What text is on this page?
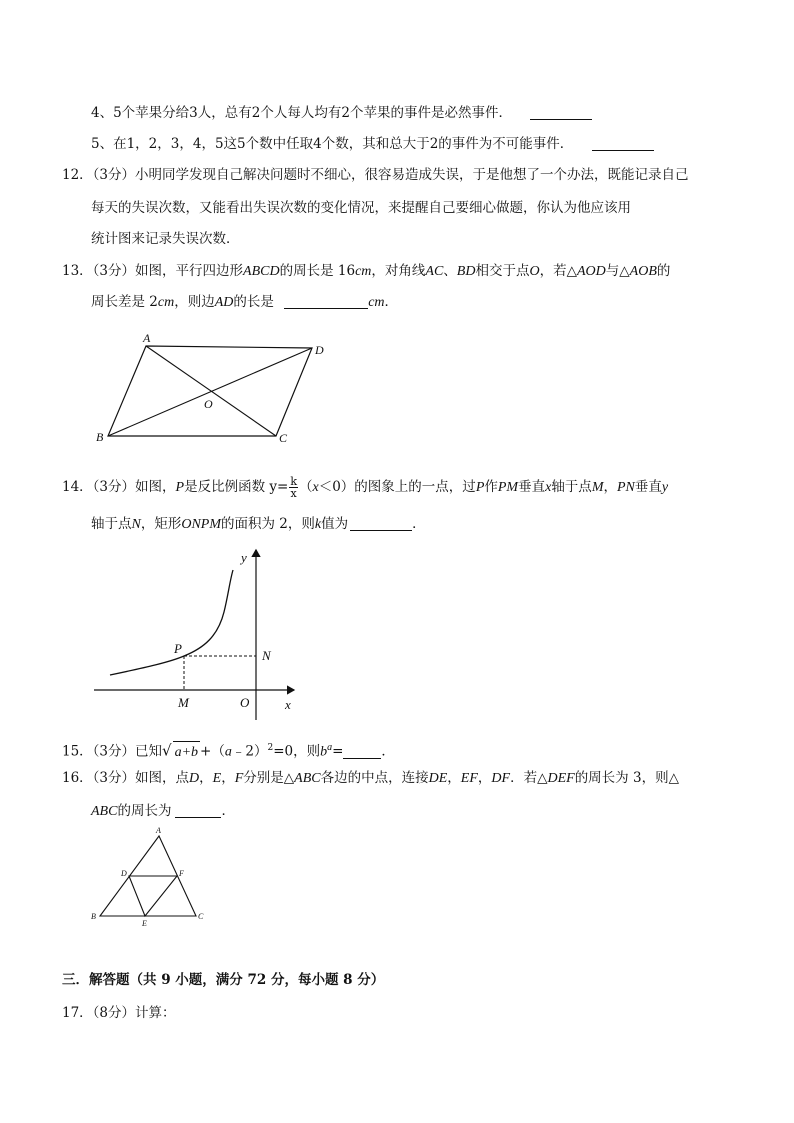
4、5个苹果分给3人，总有2个人每人均有2个苹果的事件是必然事件．
5、在1，2，3，4，5这5个数中任取4个数，其和总大于2的事件为不可能事件．
12．（3分）小明同学发现自己解决问题时不细心，很容易造成失误，于是他想了一个办法，既能记录自己
每天的失误次数，又能看出失误次数的变化情况，来提醒自己要细心做题，你认为他应该用
统计图来记录失误次数．
13．（3分）如图，平行四边形ABCD的周长是 16cm，对角线AC、BD相交于点O，若△AOD与△AOB的
周长差是 2cm，则边AD的长是	cm．
A
D
O
B	C
14．（3分）如图，P是反比例函数 $y= \frac{k}{x} (x<0)$的图象上的一点，过P作PM垂直x轴于点M，PN垂直y
轴于点N，矩形ONPM的面积为 2，则k值为	．
y
x
P	N
M	O
15．（3分）已知√ a+b +（a﹣2）$^2$=0，则$b^a=$	．
16．（3分）如图，点D，E，F分别是△ABC各边的中点，连接DE，EF，DF．若△DEF的周长为 3，则△
ABC的周长为	．
A
D	F
B
E
C
三．解答题（共 9 小题，满分 72 分，每小题 8 分）
17．（8分）计算：
